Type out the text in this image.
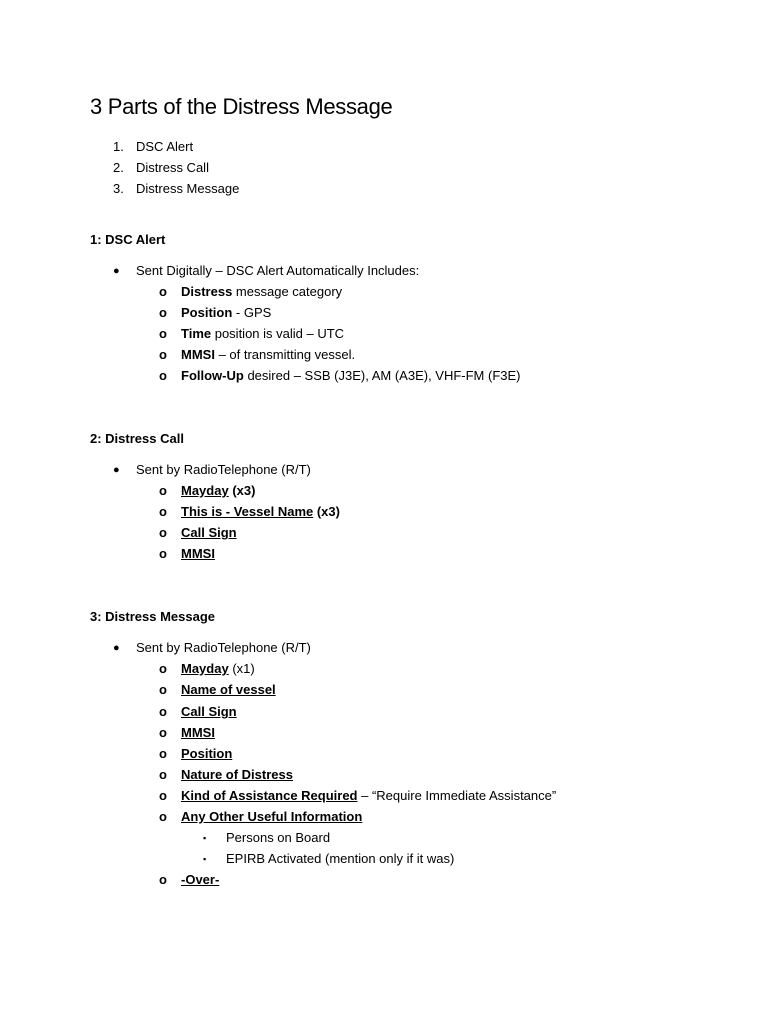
3 Parts of the Distress Message
1. DSC Alert
2. Distress Call
3. Distress Message
1: DSC Alert
● Sent Digitally – DSC Alert Automatically Includes:
o Distress message category
o Position - GPS
o Time position is valid – UTC
o MMSI – of transmitting vessel.
o Follow-Up desired – SSB (J3E), AM (A3E), VHF-FM (F3E)
2: Distress Call
● Sent by RadioTelephone (R/T)
o Mayday (x3)
o This is - Vessel Name (x3)
o Call Sign
o MMSI
3: Distress Message
● Sent by RadioTelephone (R/T)
o Mayday (x1)
o Name of vessel
o Call Sign
o MMSI
o Position
o Nature of Distress
o Kind of Assistance Required – “Require Immediate Assistance”
o Any Other Useful Information
▪ Persons on Board
▪ EPIRB Activated (mention only if it was)
o -Over-
